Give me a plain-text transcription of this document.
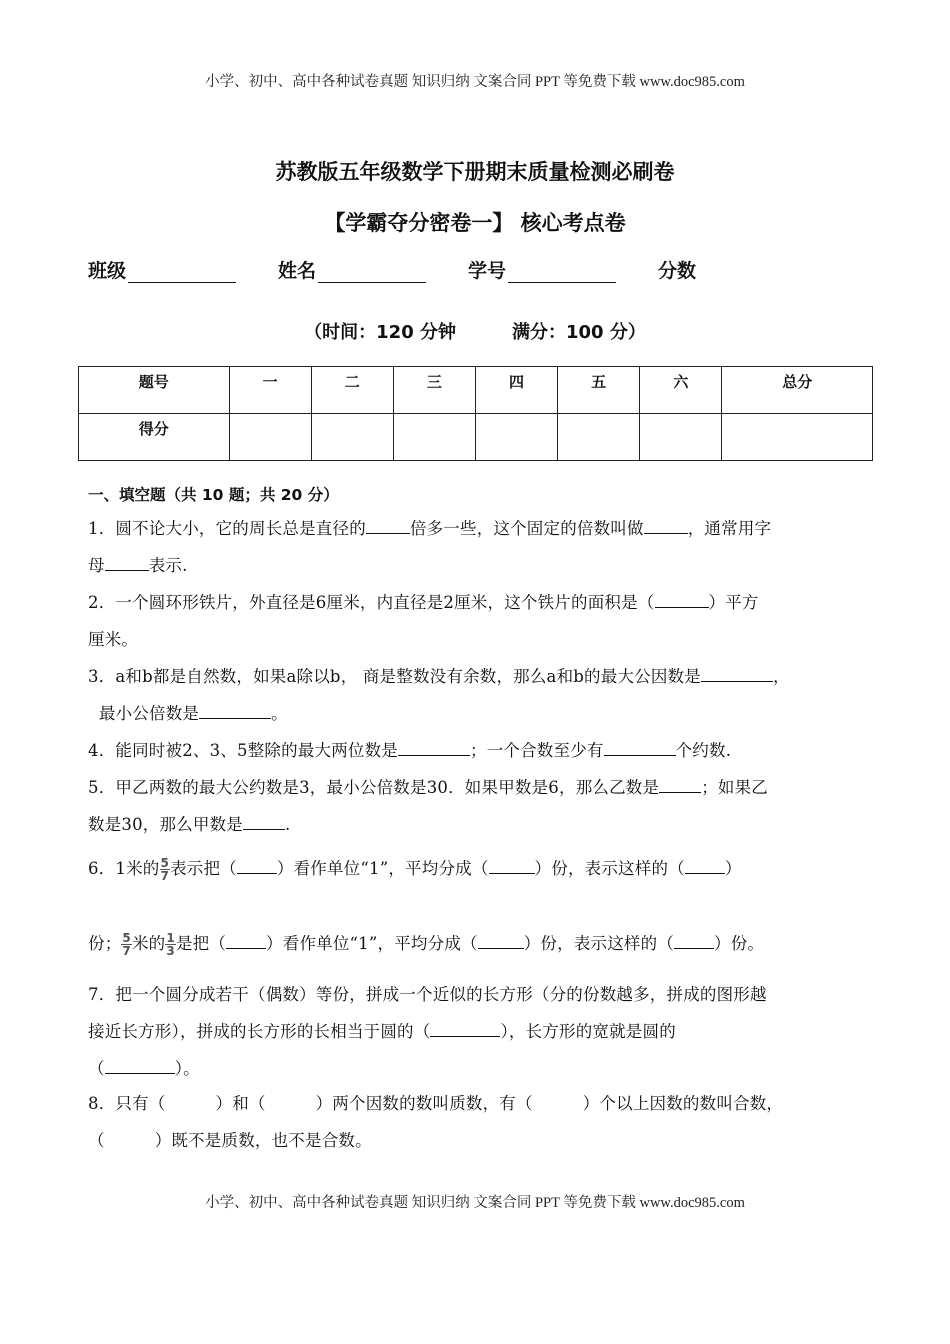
小学、初中、高中各种试卷真题 知识归纳 文案合同 PPT 等免费下载 www.doc985.com
苏教版五年级数学下册期末质量检测必刷卷
【学霸夺分密卷一】 核心考点卷
班级	姓名	学号	分数
（时间：120 分钟	满分：100 分）
题号	一	二	三	四	五	六	总分
得分							
一、填空题（共 10 题；共 20 分）
1．圆不论大小，它的周长总是直径的	倍多一些，这个固定的倍数叫做	，通常用字
母	表示.
2．一个圆环形铁片，外直径是6厘米，内直径是2厘米，这个铁片的面积是（	）平方
厘米。
3．a和b都是自然数，如果a除以b， 商是整数没有余数，那么a和b的最大公因数是	，
最小公倍数是	。
4．能同时被2、3、5整除的最大两位数是	；一个合数至少有	个约数.
5．甲乙两数的最大公约数是3，最小公倍数是30．如果甲数是6，那么乙数是	；如果乙
数是30，那么甲数是	.
6．1米的 $\frac{5}{7}$ 表示把（ ）看作单位“1”，平均分成（	）份，表示这样的（ ）
份； $\frac{5}{7}$ 米的 $\frac{1}{3}$ 是把（ ）看作单位“1”，平均分成（	）份，表示这样的（ ）份。
7．把一个圆分成若干（偶数）等份，拼成一个近似的长方形（分的份数越多，拼成的图形越
接近长方形），拼成的长方形的长相当于圆的（	），长方形的宽就是圆的
（	）。
8．只有（	）和（	）两个因数的数叫质数，有（	）个以上因数的数叫合数，
（	）既不是质数，也不是合数。
小学、初中、高中各种试卷真题 知识归纳 文案合同 PPT 等免费下载 www.doc985.com
